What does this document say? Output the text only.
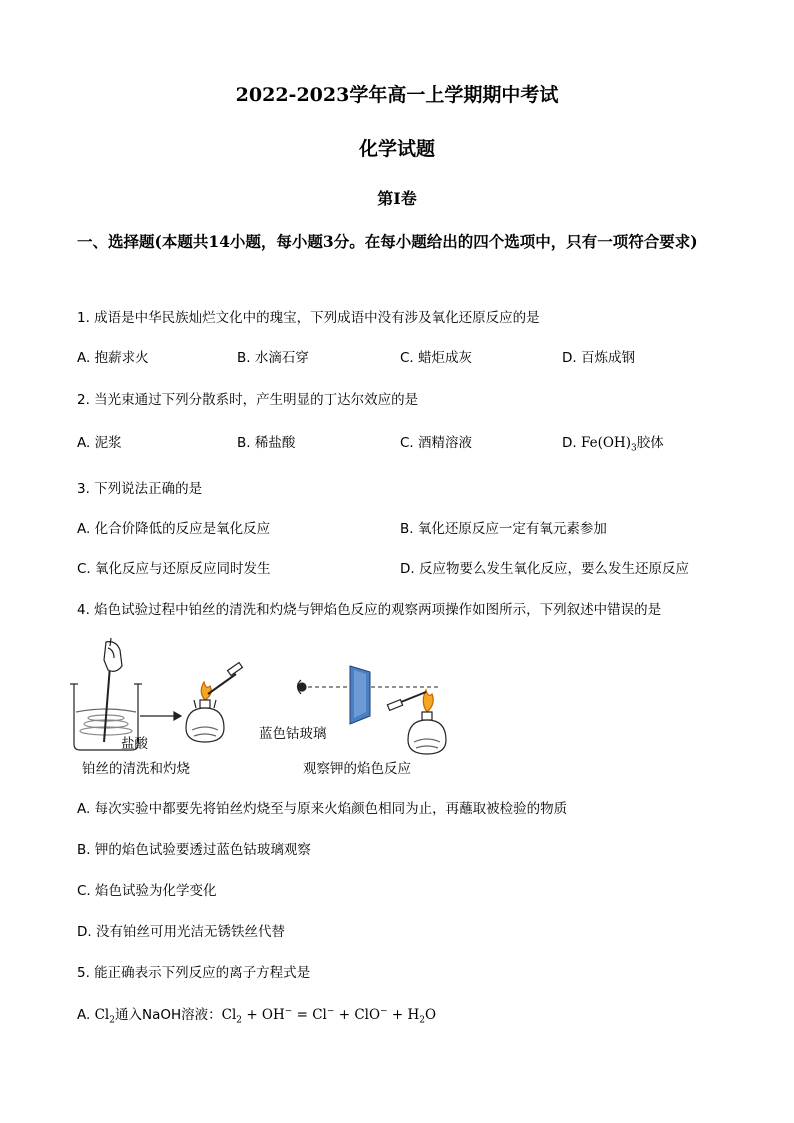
2022-2023学年高一上学期期中考试
化学试题
第I卷
一、选择题(本题共14小题，每小题3分。在每小题给出的四个选项中，只有一项符合要求)
1. 成语是中华民族灿烂文化中的瑰宝，下列成语中没有涉及氧化还原反应的是
A. 抱薪求火	B. 水滴石穿	C. 蜡炬成灰	D. 百炼成钢
2. 当光束通过下列分散系时，产生明显的丁达尔效应的是
A. 泥浆	B. 稀盐酸	C. 酒精溶液	D. $Fe(OH)_3$胶体
3. 下列说法正确的是
A. 化合价降低的反应是氧化反应	B. 氧化还原反应一定有氧元素参加
C. 氧化反应与还原反应同时发生	D. 反应物要么发生氧化反应，要么发生还原反应
4. 焰色试验过程中铂丝的清洗和灼烧与钾焰色反应的观察两项操作如图所示，下列叙述中错误的是
盐酸
蓝色钴玻璃
铂丝的清洗和灼烧	观察钾的焰色反应
A. 每次实验中都要先将铂丝灼烧至与原来火焰颜色相同为止，再蘸取被检验的物质
B. 钾的焰色试验要透过蓝色钴玻璃观察
C. 焰色试验为化学变化
D. 没有铂丝可用光洁无锈铁丝代替
5. 能正确表示下列反应的离子方程式是
A. $Cl_2$通入NaOH溶液：$Cl_2 + OH^- = Cl^- + ClO^- + H_2O$
